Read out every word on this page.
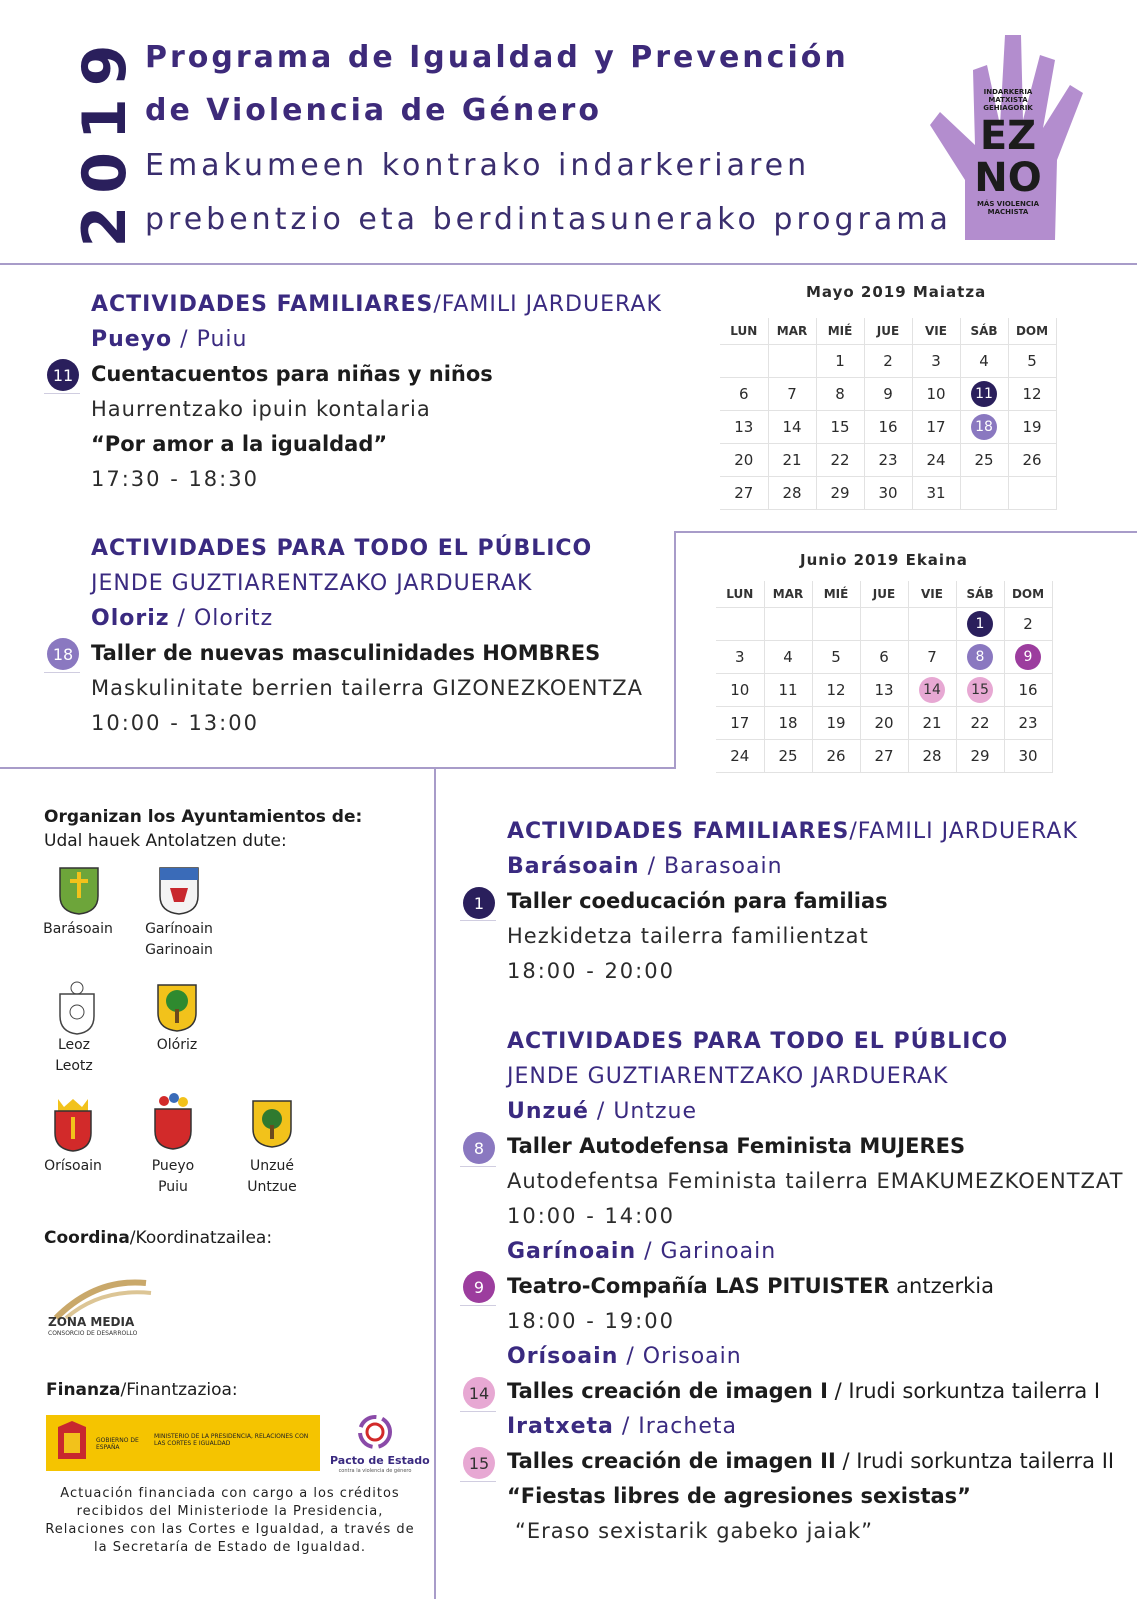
2019 Programa de Igualdad y Prevención
de Violencia de Género
Emakumeen kontrako indarkeriaren
prebentzio eta berdintasunerako programa
INDARKERIA MATXISTA GEHIAGORIK
EZ
NO
MÁS VIOLENCIA MACHISTA
ACTIVIDADES FAMILIARES/FAMILI JARDUERAK
Pueyo / Puiu
11 Cuentacuentos para niñas y niños
Haurrentzako ipuin kontalaria
“Por amor a la igualdad”
17:30 - 18:30
Mayo 2019 Maiatza
LUN	MAR	MIÉ	JUE	VIE	SÁB	DOM
		1	2	3	4	5
6	7	8	9	10	11	12
13	14	15	16	17	18	19
20	21	22	23	24	25	26
27	28	29	30	31		
ACTIVIDADES PARA TODO EL PÚBLICO
JENDE GUZTIARENTZAKO JARDUERAK
Oloriz / Oloritz
18 Taller de nuevas masculinidades HOMBRES
Maskulinitate berrien tailerra GIZONEZKOENTZA
10:00 - 13:00
Junio 2019 Ekaina
LUN	MAR	MIÉ	JUE	VIE	SÁB	DOM
					1	2
3	4	5	6	7	8	9
10	11	12	13	14	15	16
17	18	19	20	21	22	23
24	25	26	27	28	29	30
Organizan los Ayuntamientos de:
Udal hauek Antolatzen dute:
Barásoain	Garínoain
Garinoain
Leoz
Leotz
Olóriz
Orísoain	Pueyo
Puiu
Unzué
Untzue
Coordina/Koordinatzailea:
ZONA MEDIA
CONSORCIO DE DESARROLLO
Finanza/Finantzazioa:
GOBIERNO DE ESPAÑA
MINISTERIO DE LA PRESIDENCIA, RELACIONES CON LAS CORTES E IGUALDAD
Pacto de Estado
contra la violencia de género
Actuación financiada con cargo a los créditos recibidos del Ministeriode la Presidencia, Relaciones con las Cortes e Igualdad, a través de la Secretaría de Estado de Igualdad.
ACTIVIDADES FAMILIARES/FAMILI JARDUERAK
Barásoain / Barasoain
1	Taller coeducación para familias
Hezkidetza tailerra familientzat
18:00 - 20:00
ACTIVIDADES PARA TODO EL PÚBLICO
JENDE GUZTIARENTZAKO JARDUERAK
Unzué / Untzue
8	Taller Autodefensa Feminista MUJERES
Autodefentsa Feminista tailerra EMAKUMEZKOENTZAT
10:00 - 14:00
Garínoain / Garinoain
9	Teatro-Compañía LAS PITUISTER antzerkia
18:00 - 19:00
Orísoain / Orisoain
14 Talles creación de imagen I / Irudi sorkuntza tailerra I
Iratxeta / Iracheta
15 Talles creación de imagen II / Irudi sorkuntza tailerra II
“Fiestas libres de agresiones sexistas”
“Eraso sexistarik gabeko jaiak”
